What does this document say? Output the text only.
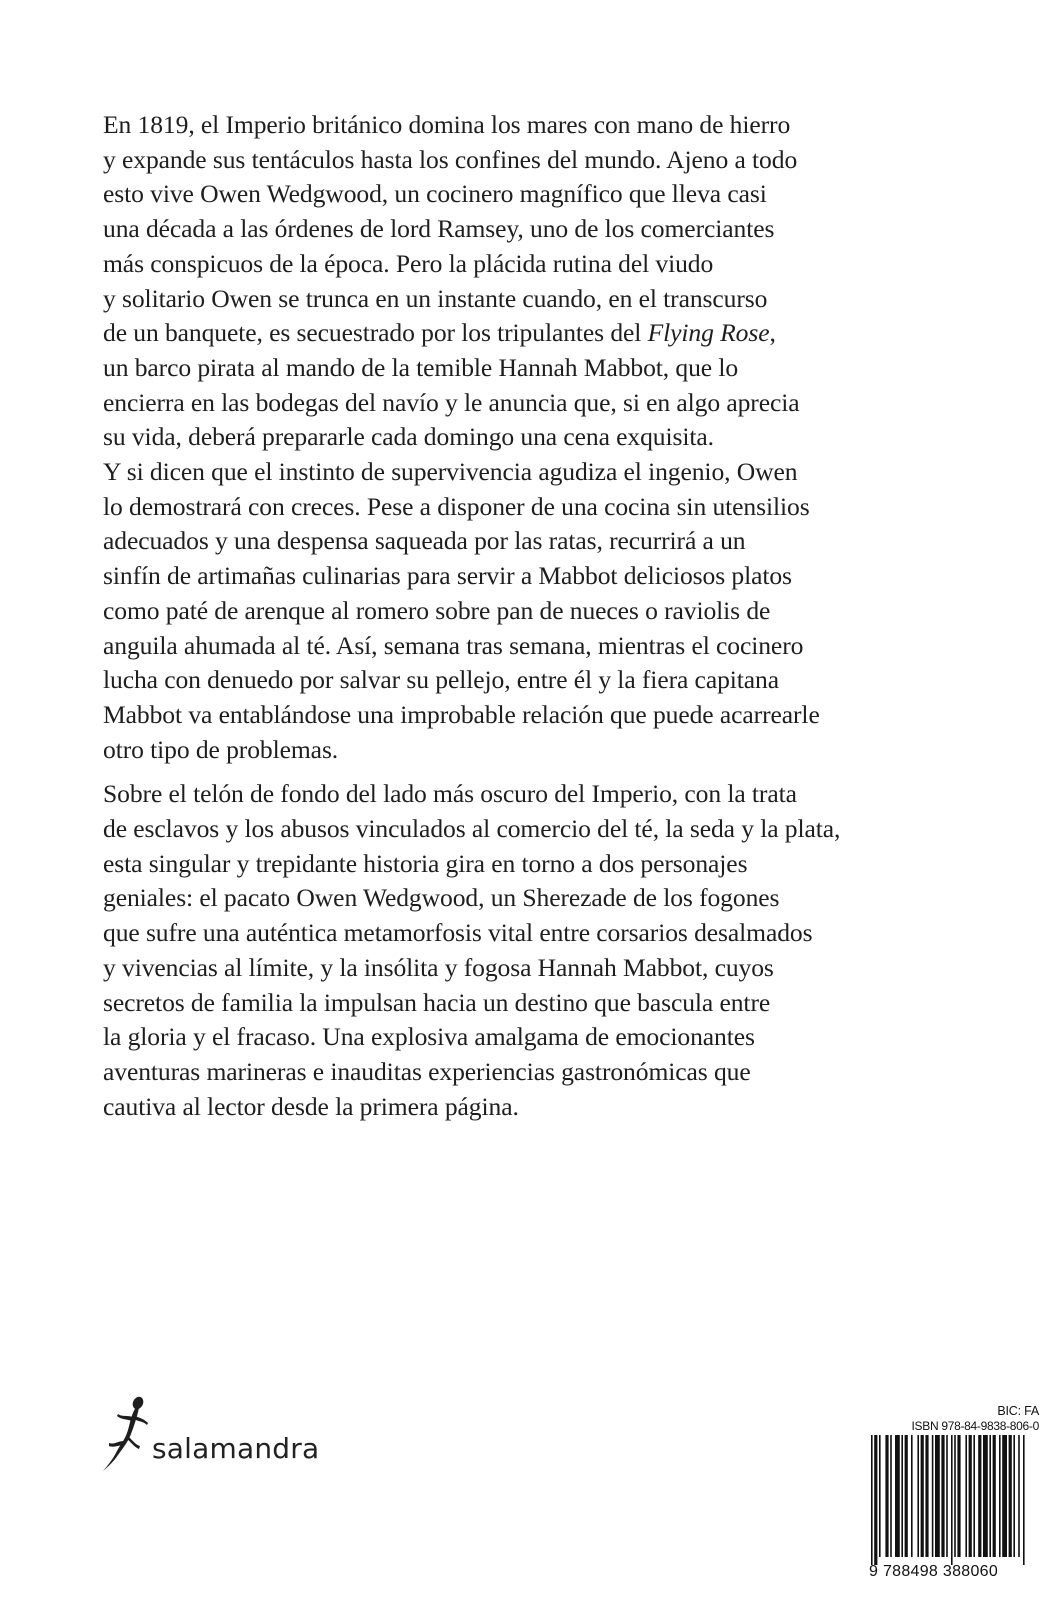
En 1819, el Imperio británico domina los mares con mano de hierro
y expande sus tentáculos hasta los confines del mundo. Ajeno a todo
esto vive Owen Wedgwood, un cocinero magnífico que lleva casi
una década a las órdenes de lord Ramsey, uno de los comerciantes
más conspicuos de la época. Pero la plácida rutina del viudo
y solitario Owen se trunca en un instante cuando, en el transcurso
de un banquete, es secuestrado por los tripulantes del Flying Rose,
un barco pirata al mando de la temible Hannah Mabbot, que lo
encierra en las bodegas del navío y le anuncia que, si en algo aprecia
su vida, deberá prepararle cada domingo una cena exquisita.
Y si dicen que el instinto de supervivencia agudiza el ingenio, Owen
lo demostrará con creces. Pese a disponer de una cocina sin utensilios
adecuados y una despensa saqueada por las ratas, recurrirá a un
sinfín de artimañas culinarias para servir a Mabbot deliciosos platos
como paté de arenque al romero sobre pan de nueces o raviolis de
anguila ahumada al té. Así, semana tras semana, mientras el cocinero
lucha con denuedo por salvar su pellejo, entre él y la fiera capitana
Mabbot va entablándose una improbable relación que puede acarrearle
otro tipo de problemas.

Sobre el telón de fondo del lado más oscuro del Imperio, con la trata
de esclavos y los abusos vinculados al comercio del té, la seda y la plata,
esta singular y trepidante historia gira en torno a dos personajes
geniales: el pacato Owen Wedgwood, un Sherezade de los fogones
que sufre una auténtica metamorfosis vital entre corsarios desalmados
y vivencias al límite, y la insólita y fogosa Hannah Mabbot, cuyos
secretos de familia la impulsan hacia un destino que bascula entre
la gloria y el fracaso. Una explosiva amalgama de emocionantes
aventuras marineras e inauditas experiencias gastronómicas que
cautiva al lector desde la primera página.

salamandra
BIC: FA
ISBN 978-84-9838-806-0
9 788498 388060
